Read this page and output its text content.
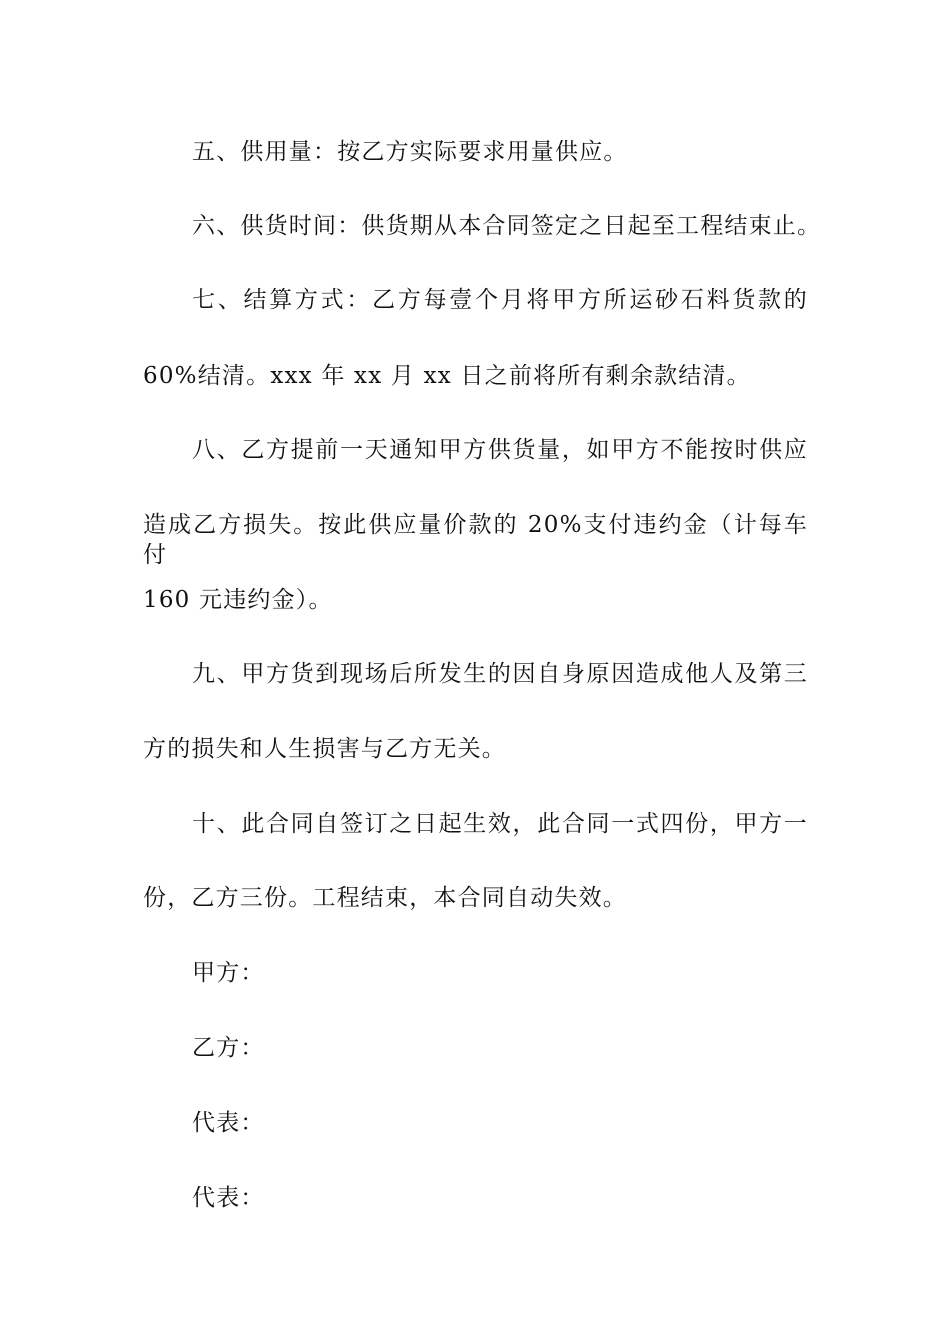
五、供用量：按乙方实际要求用量供应。
六、供货时间：供货期从本合同签定之日起至工程结束止。
七、结算方式：乙方每壹个月将甲方所运砂石料货款的
60%结清。xxx 年 xx 月 xx 日之前将所有剩余款结清。
八、乙方提前一天通知甲方供货量，如甲方不能按时供应
造成乙方损失。按此供应量价款的 20%支付违约金（计每车付
160 元违约金）。
九、甲方货到现场后所发生的因自身原因造成他人及第三
方的损失和人生损害与乙方无关。
十、此合同自签订之日起生效，此合同一式四份，甲方一
份，乙方三份。工程结束，本合同自动失效。
甲方：
乙方：
代表：
代表：
